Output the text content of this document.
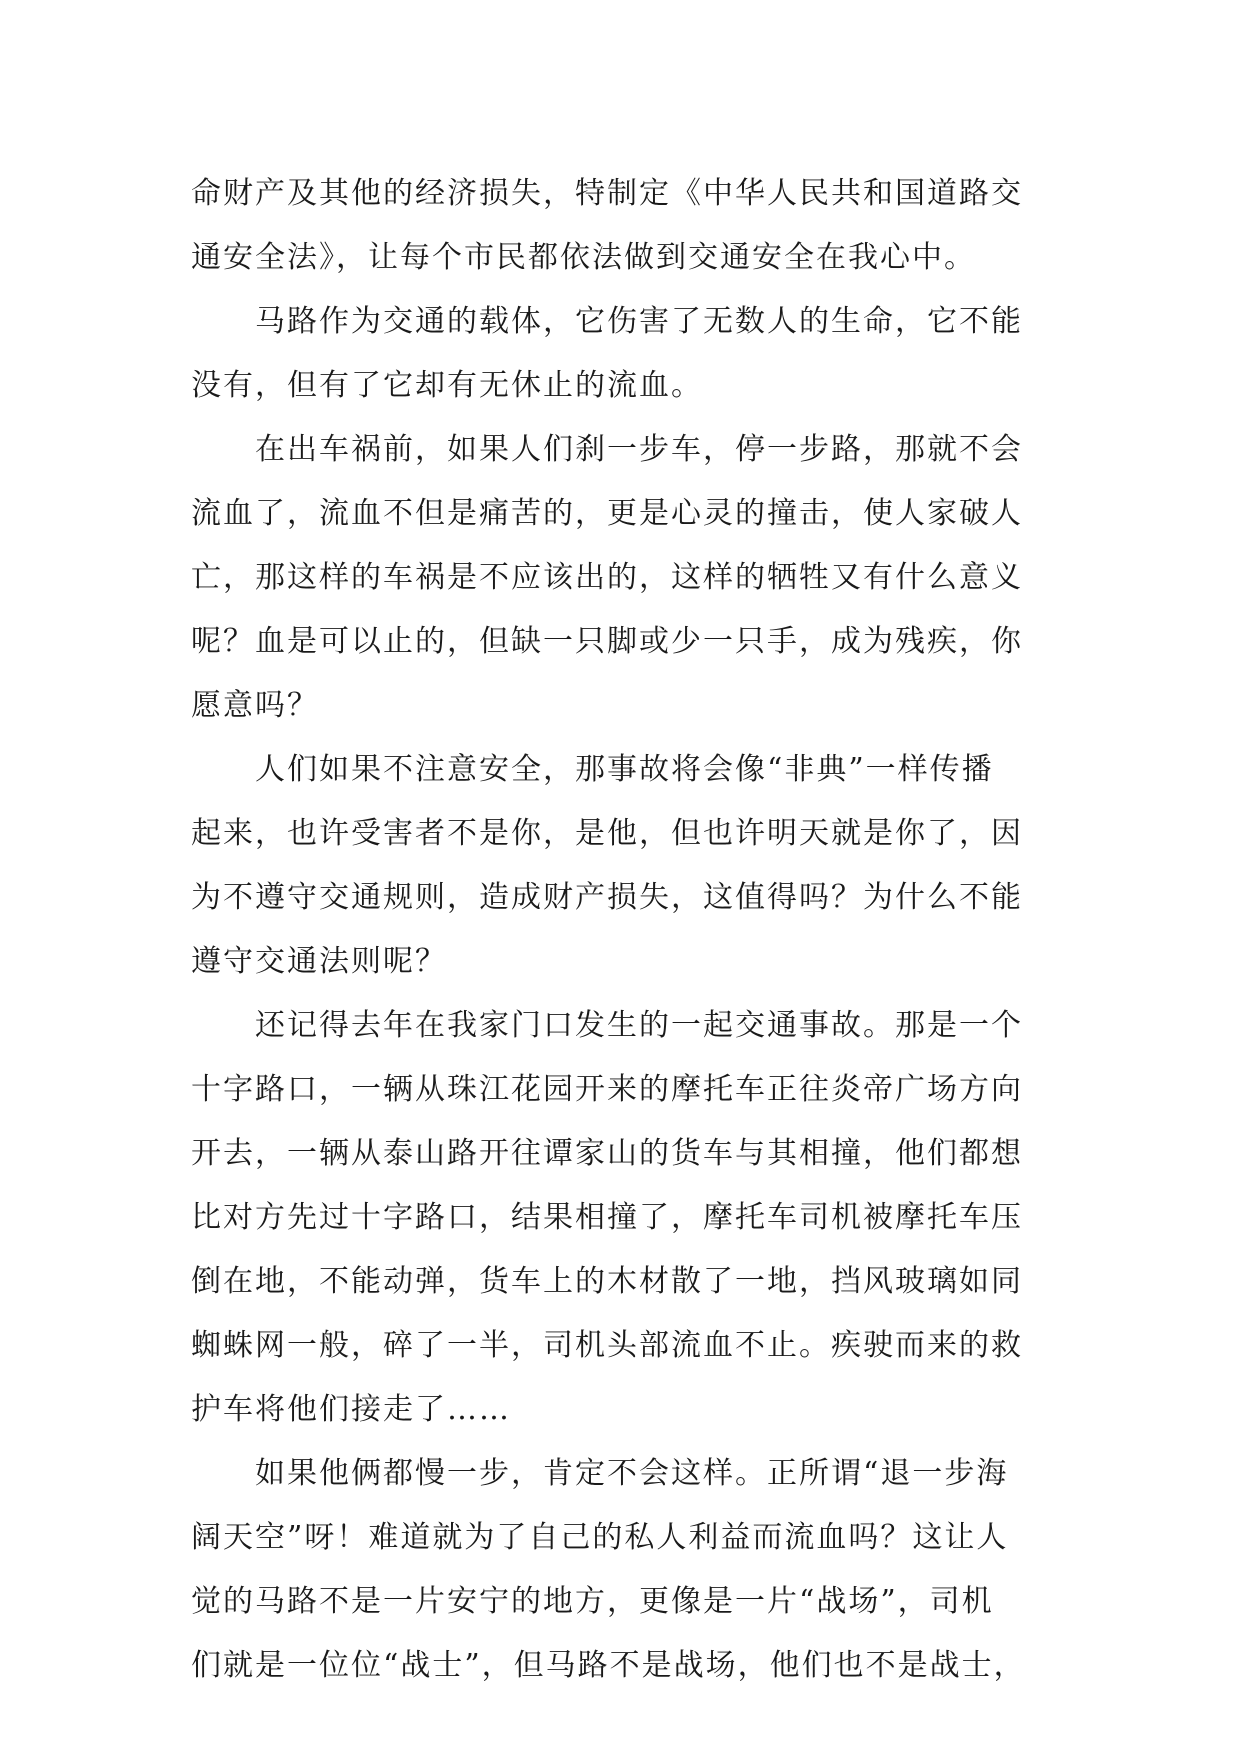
命财产及其他的经济损失，特制定《中华人民共和国道路交
通安全法》，让每个市民都依法做到交通安全在我心中。
马路作为交通的载体，它伤害了无数人的生命，它不能
没有，但有了它却有无休止的流血。
在出车祸前，如果人们刹一步车，停一步路，那就不会
流血了，流血不但是痛苦的，更是心灵的撞击，使人家破人
亡，那这样的车祸是不应该出的，这样的牺牲又有什么意义
呢？血是可以止的，但缺一只脚或少一只手，成为残疾，你
愿意吗？
人们如果不注意安全，那事故将会像“非典”一样传播
起来，也许受害者不是你，是他，但也许明天就是你了，因
为不遵守交通规则，造成财产损失，这值得吗？为什么不能
遵守交通法则呢？
还记得去年在我家门口发生的一起交通事故。那是一个
十字路口，一辆从珠江花园开来的摩托车正往炎帝广场方向
开去，一辆从泰山路开往谭家山的货车与其相撞，他们都想
比对方先过十字路口，结果相撞了，摩托车司机被摩托车压
倒在地，不能动弹，货车上的木材散了一地，挡风玻璃如同
蜘蛛网一般，碎了一半，司机头部流血不止。疾驶而来的救
护车将他们接走了……
如果他俩都慢一步，肯定不会这样。正所谓“退一步海
阔天空”呀！难道就为了自己的私人利益而流血吗？这让人
觉的马路不是一片安宁的地方，更像是一片“战场”，司机
们就是一位位“战士”，但马路不是战场，他们也不是战士，
